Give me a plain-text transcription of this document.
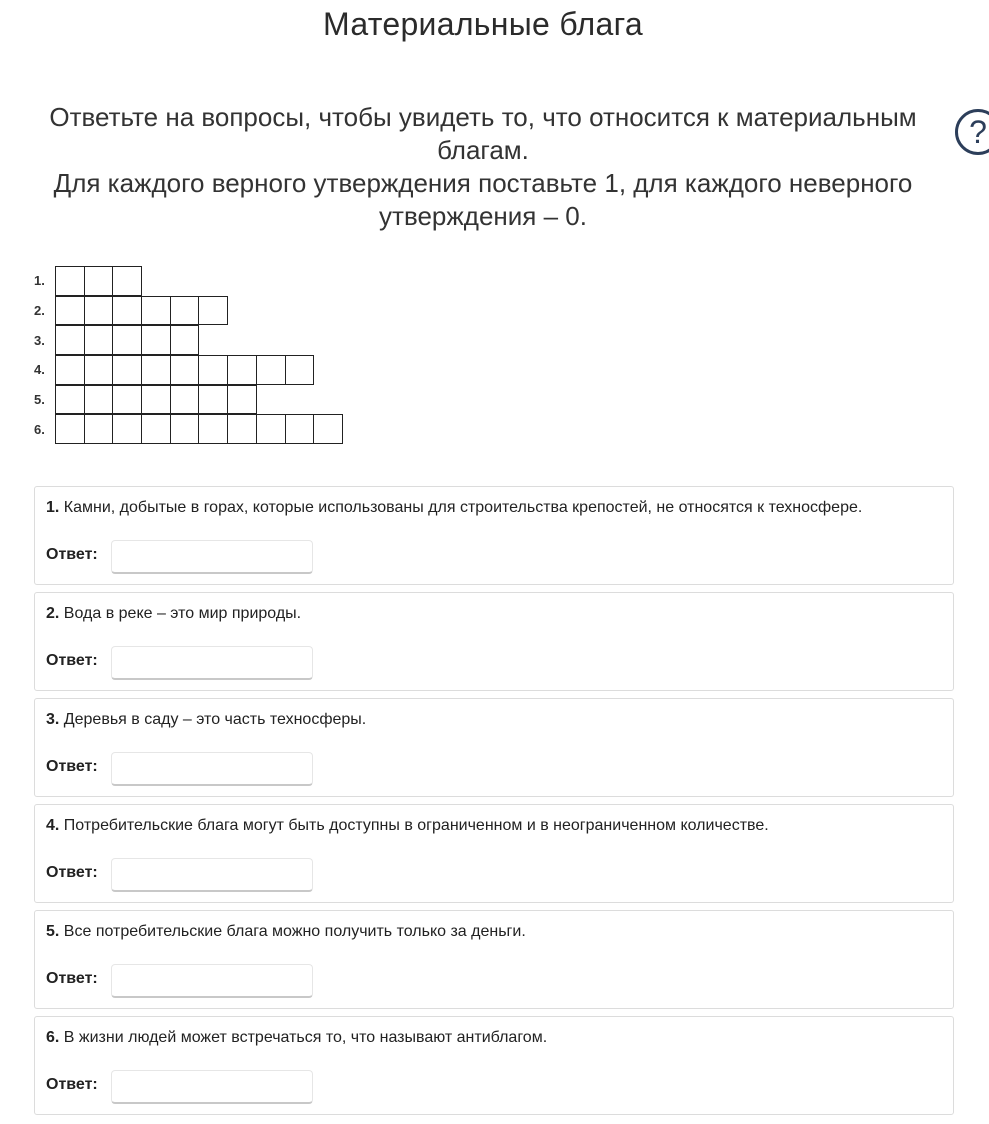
Материальные блага
Ответьте на вопросы, чтобы увидеть то, что относится к материальным благам.
Для каждого верного утверждения поставьте 1, для каждого неверного утверждения – 0.
?
1.
2.
3.
4.
5.
6.
1. Камни, добытые в горах, которые использованы для строительства крепостей, не относятся к техносфере.
Ответ:
2. Вода в реке – это мир природы.
Ответ:
3. Деревья в саду – это часть техносферы.
Ответ:
4. Потребительские блага могут быть доступны в ограниченном и в неограниченном количестве.
Ответ:
5. Все потребительские блага можно получить только за деньги.
Ответ:
6. В жизни людей может встречаться то, что называют антиблагом.
Ответ:
